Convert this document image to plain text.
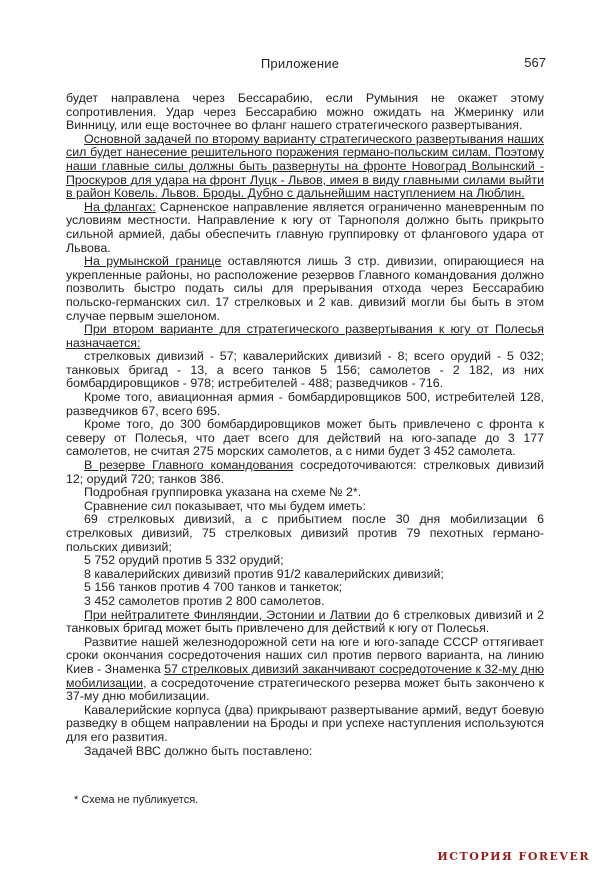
Приложение	567

будет направлена через Бессарабию, если Румыния не окажет этому сопротивления. Удар через Бессарабию можно ожидать на Жмеринку или Винницу, или еще восточнее во фланг нашего стратегического развертывания.

Основной задачей по второму варианту стратегического развертывания наших сил будет нанесение решительного поражения германо-польским силам. Поэтому наши главные силы должны быть развернуты на фронте Новоград Волынский - Проскуров для удара на фронт Луцк - Львов, имея в виду главными силами выйти в район Ковель. Львов. Броды. Дубно с дальнейшим наступлением на Люблин.

На флангах: Сарненское направление является ограниченно маневренным по условиям местности. Направление к югу от Тарнополя должно быть прикрыто сильной армией, дабы обеспечить главную группировку от флангового удара от Львова.

На румынской границе оставляются лишь 3 стр. дивизии, опирающиеся на укрепленные районы, но расположение резервов Главного командования должно позволить быстро подать силы для прерывания отхода через Бессарабию польско-германских сил. 17 стрелковых и 2 кав. дивизий могли бы быть в этом случае первым эшелоном.

При втором варианте для стратегического развертывания к югу от Полесья назначается:

стрелковых дивизий - 57; кавалерийских дивизий - 8; всего орудий - 5 032; танковых бригад - 13, а всего танков 5 156; самолетов - 2 182, из них бомбардировщиков - 978; истребителей - 488; разведчиков - 716.

Кроме того, авиационная армия - бомбардировщиков 500, истребителей 128, разведчиков 67, всего 695.

Кроме того, до 300 бомбардировщиков может быть привлечено с фронта к северу от Полесья, что дает всего для действий на юго-западе до 3 177 самолетов, не считая 275 морских самолетов, а с ними будет 3 452 самолета.

В резерве Главного командования сосредоточиваются: стрелковых дивизий 12; орудий 720; танков 386.

Подробная группировка указана на схеме № 2*.

Сравнение сил показывает, что мы будем иметь:

69 стрелковых дивизий, а с прибытием после 30 дня мобилизации 6 стрелковых дивизий, 75 стрелковых дивизий против 79 пехотных германо-польских дивизий;

5 752 орудий против 5 332 орудий;

8 кавалерийских дивизий против 91/2 кавалерийских дивизий;

5 156 танков против 4 700 танков и танкеток;

3 452 самолетов против 2 800 самолетов.

При нейтралитете Финляндии, Эстонии и Латвии до 6 стрелковых дивизий и 2 танковых бригад может быть привлечено для действий к югу от Полесья.

Развитие нашей железнодорожной сети на юге и юго-западе СССР оттягивает сроки окончания сосредоточения наших сил против первого варианта, на линию Киев - Знаменка 57 стрелковых дивизий заканчивают сосредоточение к 32-му дню мобилизации, а сосредоточение стратегического резерва может быть закончено к 37-му дню мобилизации.

Кавалерийские корпуса (два) прикрывают развертывание армий, ведут боевую разведку в общем направлении на Броды и при успехе наступления используются для его развития.

Задачей ВВС должно быть поставлено:

* Схема не публикуется.
ИСТОРИЯ FOREVER
